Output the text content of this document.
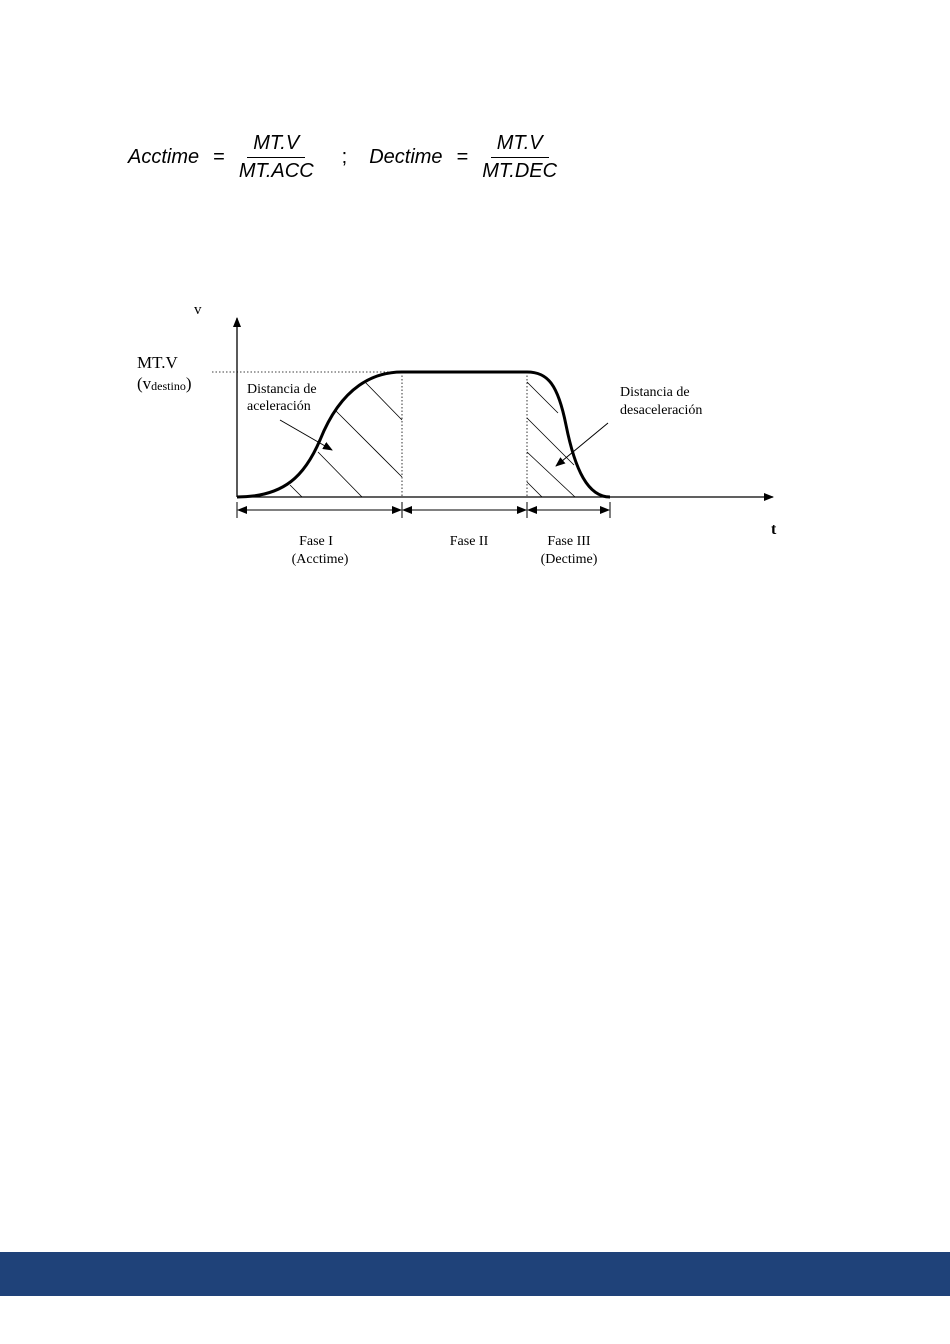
Acctime = $\frac{MT.V}{\text{MT.ACC}}$ ; Dectime = $\frac{MT.V}{\text{MT.DEC}}$
v
t
MT.V
(vdestino)	Distancia de
aceleración
Distancia de
desaceleración
Fase I
(Acctime)
Fase II	Fase III
(Dectime)
